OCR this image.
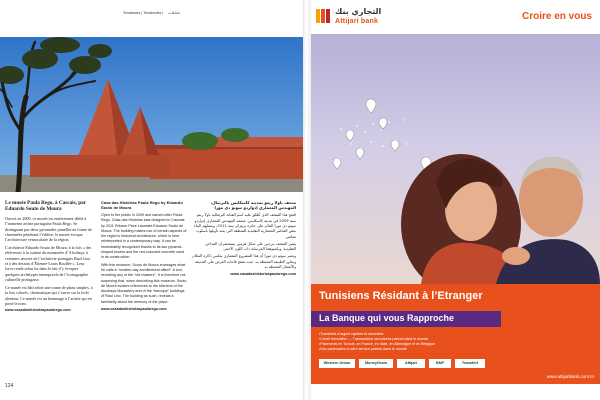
Tendances | Tendencies | اتجاهات
Le musée Paula Rego, à Cascais, par Eduardo Souto de Moura

Ouvert en 2009, ce musée est entièrement dédié à l’immense artiste portugaise Paula Rego. Se distinguant par deux pyramides jumelles en forme de cheminées pénétrant l’édifice, le musée évoque l’architecture vernaculaire de la région.

L’architecte Eduardo Souto de Moura, à la fois « des références à la cuisine du monastère d’Alcobaça, à certaines œuvres de l’architecte portugais Raul Lino et à des dessins d’Étienne-Louis Boullée ». Leur force rende selon lui dans le fait d’y évoquer quelques archétypes intemporels de l’iconographie culturelle portugaise.

Ce musée est bâti selon une trame de plans simples, à la fois colorés, chromatique qui s’ouvre sur la forêt alentour. Ce musée est un hommage à l’artiste qui en porte le nom.

www.casadashistoriaspaularego.com

Casa das Histórias Paula Rego by Eduardo Souto de Moura

Open to the public in 2009 and named after Paula Rego, Casa das Histórias was designed in Cascais by 2011 Pritzker Prize Laureate Eduardo Souto de Moura. The building makes use of certain aspects of the region’s historical architecture, which is here reinterpreted in a contemporary way. It can be immediately recognised thanks to its two pyramid-shaped towers and the red-coloured concrete used in its construction.

With this museum, Souto de Moura envisages what he calls a “modern-day architectural affect”. A tool, revealing any of the “old masters”. It is therefore not surprising that, when describing this museum, Souto de Moura evokes references to the kitchens of the Alcobaça Monastery and of the “baroque” buildings of Raul Lino. The building as such, reveals a familiarity about the memory of the place.

www.casadashistoriaspaularego.com

متحف باولا ريغو بمدينة كاسكايس بالبرتغال، المهندس المعماري إدواردو سوتو دي مورا

افتتح هذا المتحف الذي أطلق عليه اسم الفنانة البرتغالية باولا ريغو سنة 2009 في مدينة كاسكايس. صممه المهندس المعماري إدواردو سوتو دي مورا الحائز على جائزة بريتزكر سنة 2011، ويستلهم البناء بعض العناصر المعمارية التقليدية للمنطقة التي يعيد تأويلها بأسلوب معاصر.

يتميز المتحف ببرجين على شكل هرمين يستحضران المداخن التقليدية، ويكسوهما الخرسانة ذات اللون الأحمر.

ويعتبر سوتو دي مورا أن هذا المشروع المعماري يعكس ذاكرة المكان ويحاور الطبيعة المحيطة به، حيث تنفتح قاعات العرض على الحديقة والأشجار المحيطة به.

www.casadashistoriaspaularego.com

124
التجاري بنك
Attijari bank	Croire en vous
Tunisiens Résidant à l’Etranger
La Banque qui vous Rapproche
• Transferts d’argent rapides et sécurisés
• Crédit immobilier — Transactions sécurisées partout dans le monde
• Paiements en Tunisie, en France, en Italie, en Allemagne et en Belgique
• Des partenaires à votre service partout dans le monde
Western Union	MoneyGram	Attijari	BNP	Transfert
www.attijaribank.com.tn
